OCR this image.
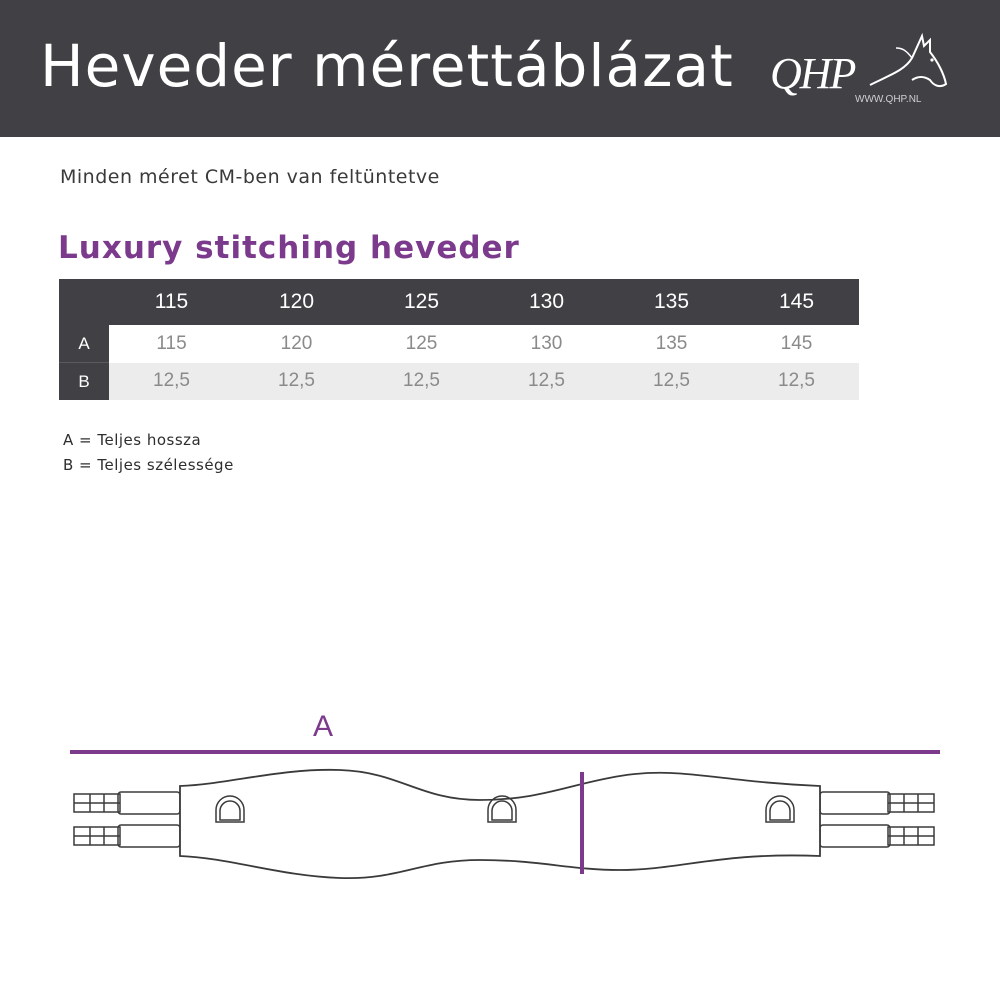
Heveder mérettáblázat QHP
WWW.QHP.NL
Minden méret CM-ben van feltüntetve
Luxury stitching heveder
	115	120	125	130	135	145
A	115	120	125	130	135	145
B	12,5	12,5	12,5	12,5	12,5	12,5
A = Teljes hossza
B = Teljes szélessége
A
